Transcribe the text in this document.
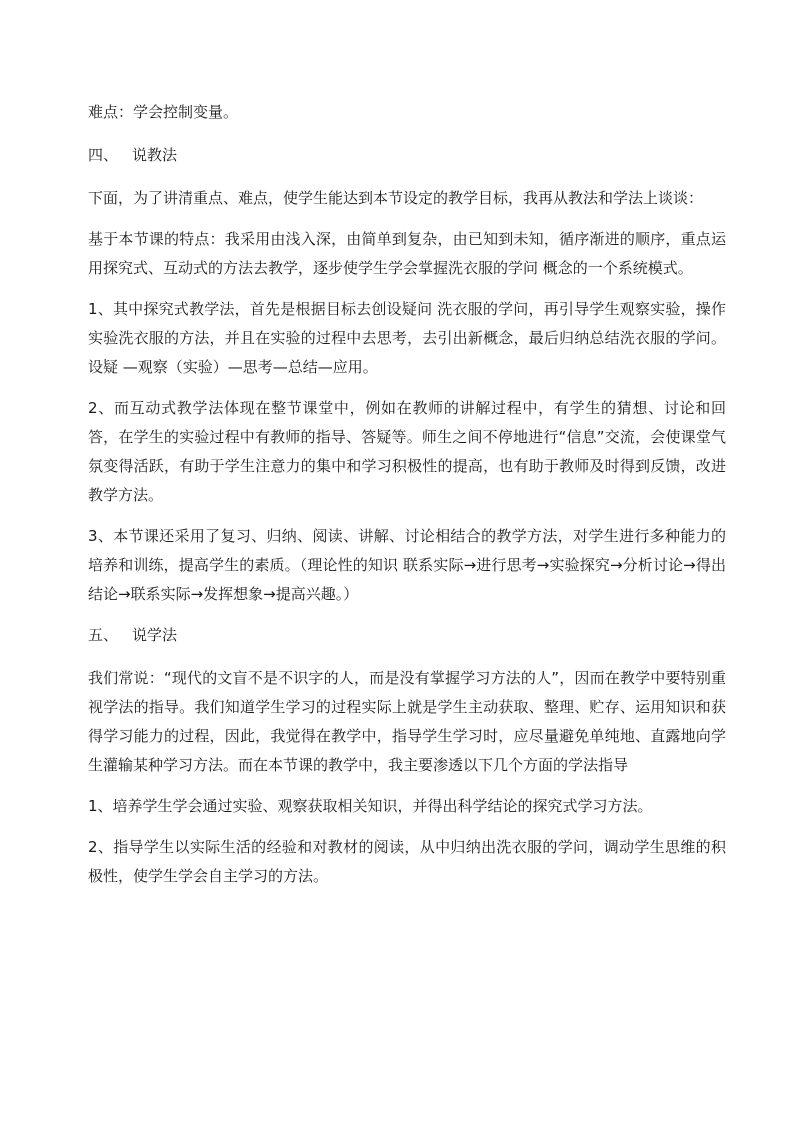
难点：学会控制变量。

四、 说教法

下面，为了讲清重点、难点，使学生能达到本节设定的教学目标，我再从教法和学法上谈谈：

基于本节课的特点：我采用由浅入深，由简单到复杂，由已知到未知，循序渐进的顺序，重点运用探究式、互动式的方法去教学，逐步使学生学会掌握洗衣服的学问 概念的一个系统模式。

1、其中探究式教学法，首先是根据目标去创设疑问 洗衣服的学问，再引导学生观察实验，操作实验洗衣服的方法，并且在实验的过程中去思考，去引出新概念，最后归纳总结洗衣服的学问。设疑 —观察（实验）—思考—总结—应用。

2、而互动式教学法体现在整节课堂中，例如在教师的讲解过程中，有学生的猜想、讨论和回答，在学生的实验过程中有教师的指导、答疑等。师生之间不停地进行“信息”交流，会使课堂气氛变得活跃，有助于学生注意力的集中和学习积极性的提高，也有助于教师及时得到反馈，改进教学方法。

3、本节课还采用了复习、归纳、阅读、讲解、讨论相结合的教学方法，对学生进行多种能力的培养和训练，提高学生的素质。（理论性的知识 联系实际→进行思考→实验探究→分析讨论→得出结论→联系实际→发挥想象→提高兴趣。）

五、 说学法

我们常说：“现代的文盲不是不识字的人，而是没有掌握学习方法的人”，因而在教学中要特别重视学法的指导。我们知道学生学习的过程实际上就是学生主动获取、整理、贮存、运用知识和获得学习能力的过程，因此，我觉得在教学中，指导学生学习时，应尽量避免单纯地、直露地向学生灌输某种学习方法。而在本节课的教学中，我主要渗透以下几个方面的学法指导

1、培养学生学会通过实验、观察获取相关知识，并得出科学结论的探究式学习方法。

2、指导学生以实际生活的经验和对教材的阅读，从中归纳出洗衣服的学问，调动学生思维的积极性，使学生学会自主学习的方法。
